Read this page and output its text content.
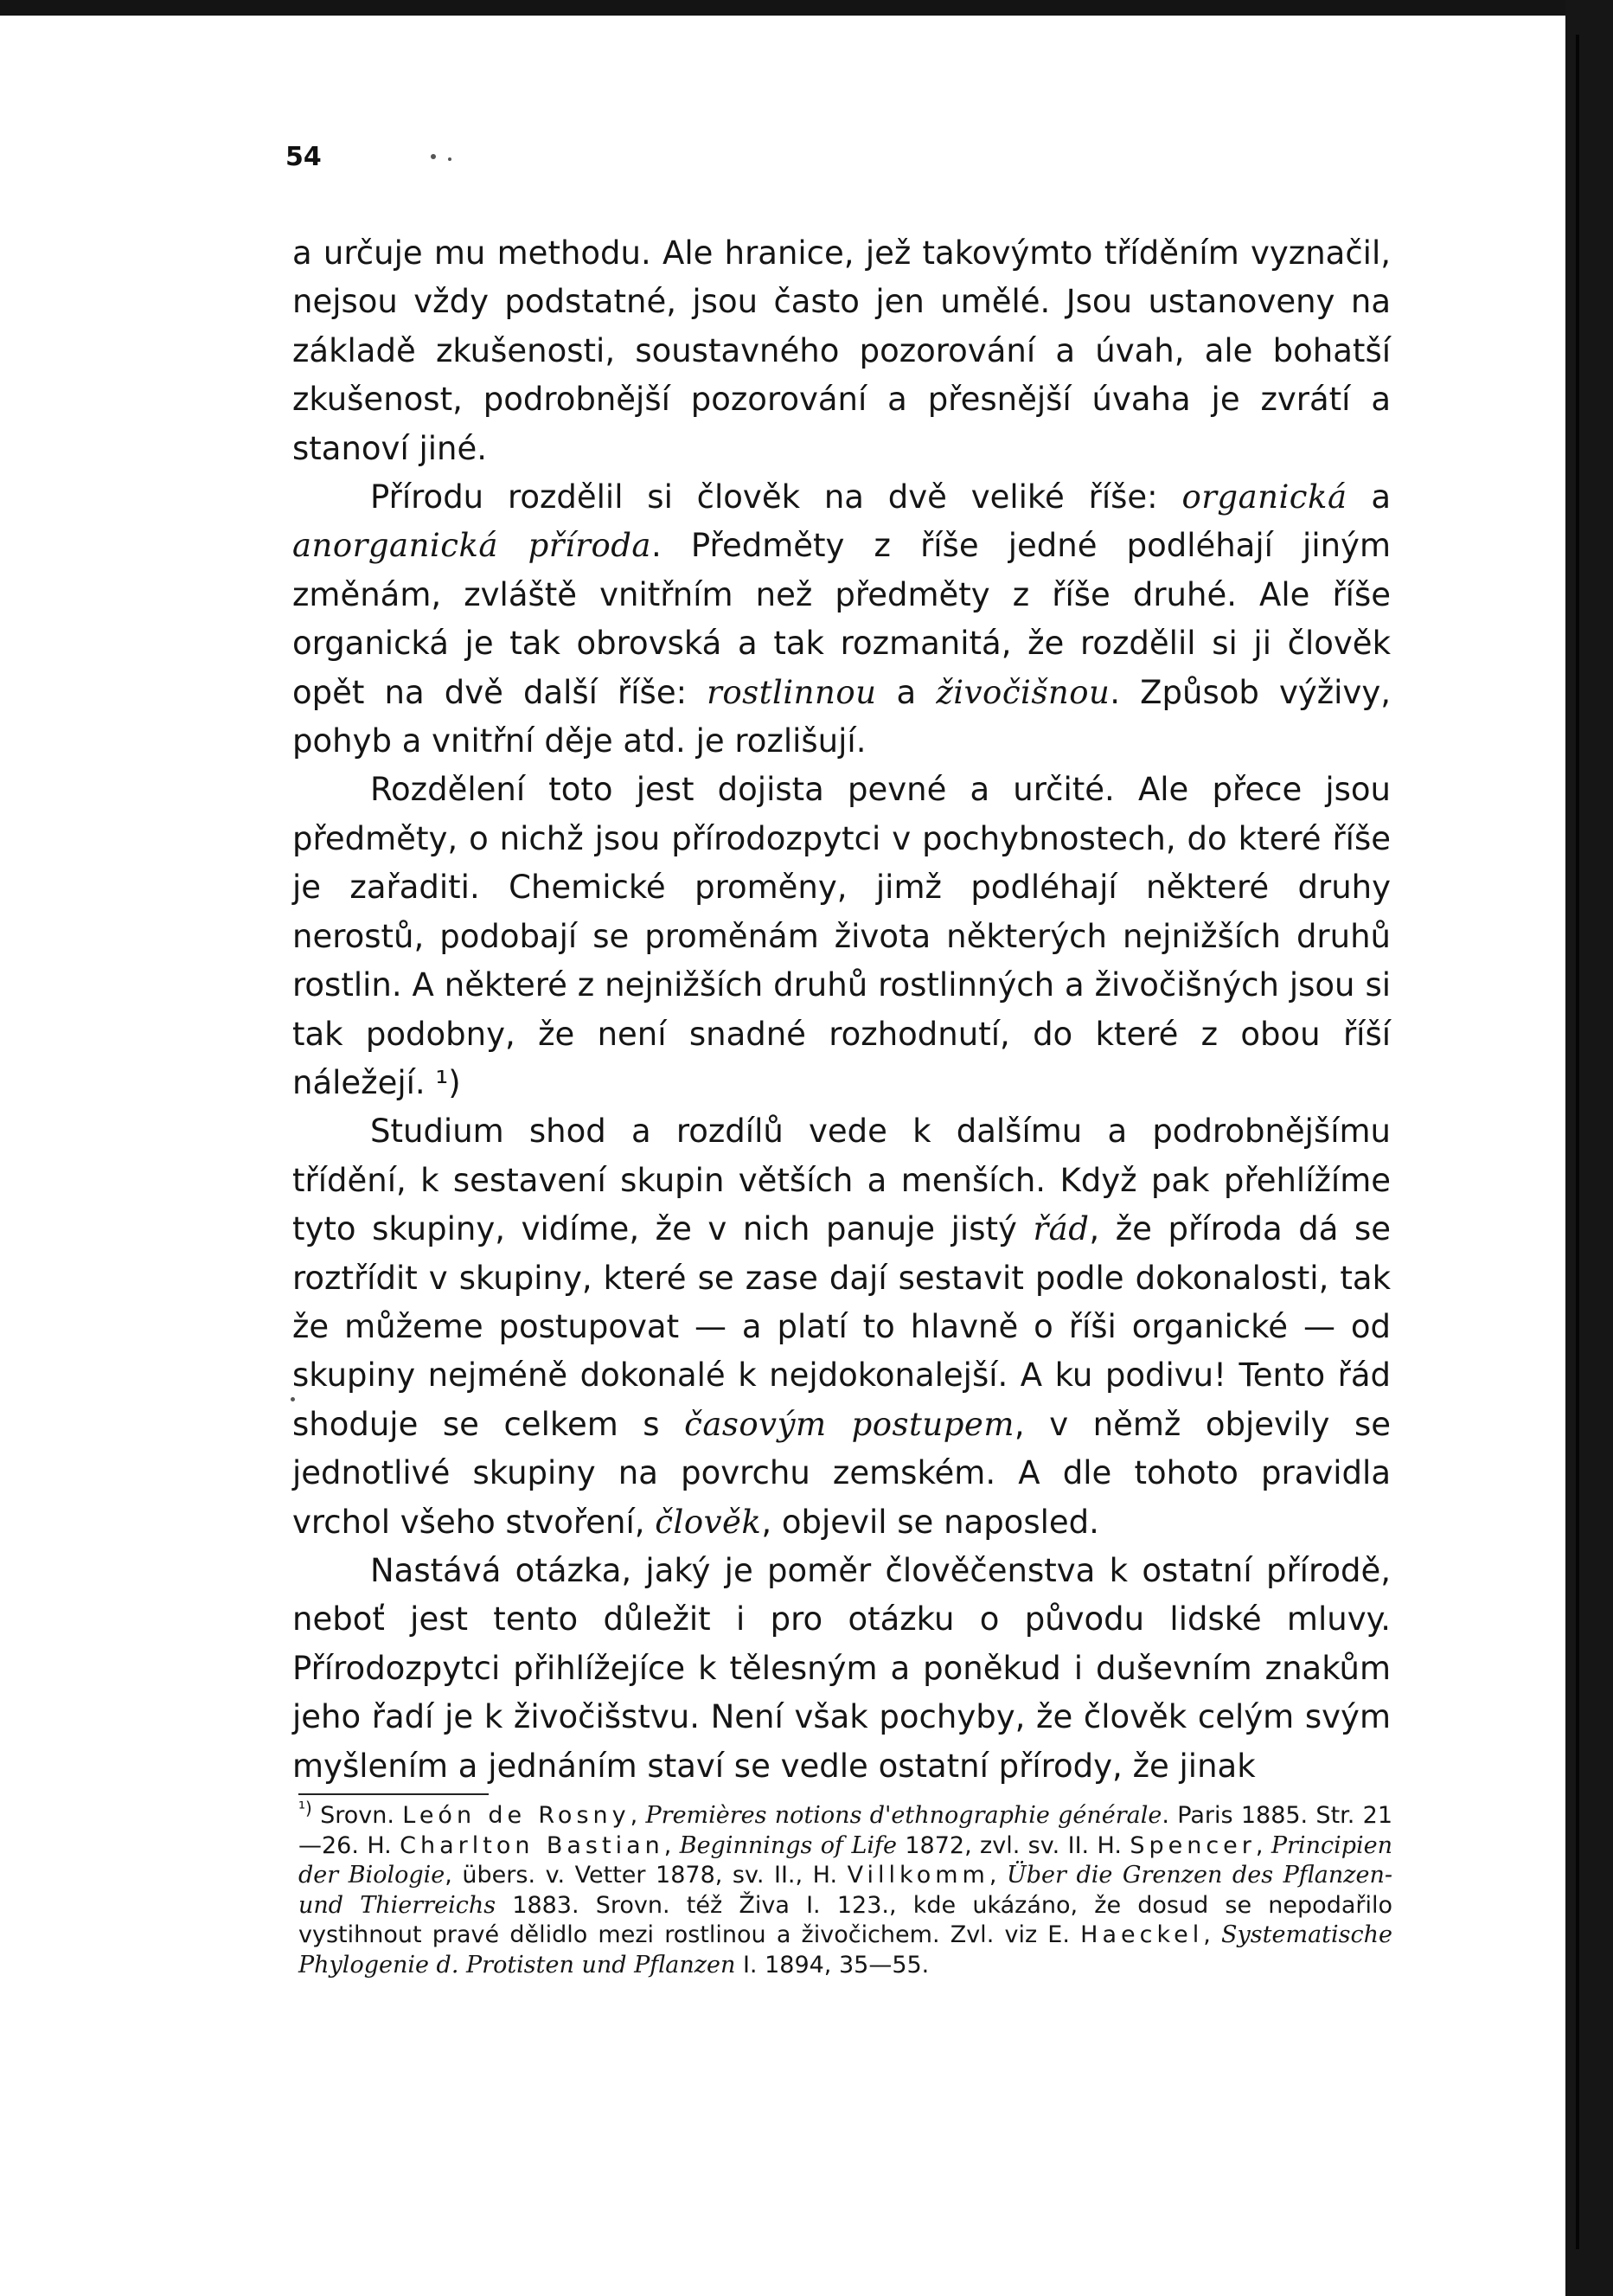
54

a určuje mu methodu. Ale hranice, jež takovýmto tříděním vyznačil, nejsou vždy podstatné, jsou často jen umělé. Jsou ustanoveny na základě zkušenosti, soustavného pozorování a úvah, ale bohatší zkušenost, podrobnější pozorování a přesnější úvaha je zvrátí a stanoví jiné.

Přírodu rozdělil si člověk na dvě veliké říše: organická a anorganická příroda. Předměty z říše jedné podléhají jiným změnám, zvláště vnitřním než předměty z říše druhé. Ale říše organická je tak obrovská a tak rozmanitá, že rozdělil si ji člověk opět na dvě další říše: rostlinnou a živočišnou. Způsob výživy, pohyb a vnitřní děje atd. je rozlišují.

Rozdělení toto jest dojista pevné a určité. Ale přece jsou předměty, o nichž jsou přírodozpytci v pochybnostech, do které říše je zařaditi. Chemické proměny, jimž podléhají některé druhy nerostů, podobají se proměnám života některých nejnižších druhů rostlin. A některé z nejnižších druhů rostlinných a živočišných jsou si tak podobny, že není snadné rozhodnutí, do které z obou říší náležejí. ¹)

Studium shod a rozdílů vede k dalšímu a podrobnějšímu třídění, k sestavení skupin větších a menších. Když pak přehlížíme tyto skupiny, vidíme, že v nich panuje jistý řád, že příroda dá se roztřídit v skupiny, které se zase dají sestavit podle dokonalosti, tak že můžeme postupovat — a platí to hlavně o říši organické — od skupiny nejméně dokonalé k nejdokonalejší. A ku podivu! Tento řád shoduje se celkem s časovým postupem, v němž objevily se jednotlivé skupiny na povrchu zemském. A dle tohoto pravidla vrchol všeho stvoření, člověk, objevil se naposled.

Nastává otázka, jaký je poměr člověčenstva k ostatní přírodě, neboť jest tento důležit i pro otázku o původu lidské mluvy. Přírodozpytci přihlížejíce k tělesným a poněkud i duševním znakům jeho řadí je k živočišstvu. Není však pochyby, že člověk celým svým myšlením a jednáním staví se vedle ostatní přírody, že jinak

$^{^1)}$ Srovn. León de Rosny, Premières notions d'ethnographie générale. Paris 1885. Str. 21—26. H. Charlton Bastian, Beginnings of Life 1872, zvl. sv. II. H. Spencer, Principien der Biologie, übers. v. Vetter 1878, sv. II., H. Villkomm, Über die Grenzen des Pflanzen- und Thierreichs 1883. Srovn. též Živa I. 123., kde ukázáno, že dosud se nepodařilo vystihnout pravé dělidlo mezi rostlinou a živočichem. Zvl. viz E. Haeckel, Systematische Phylogenie d. Protisten und Pflanzen I. 1894, 35—55.
